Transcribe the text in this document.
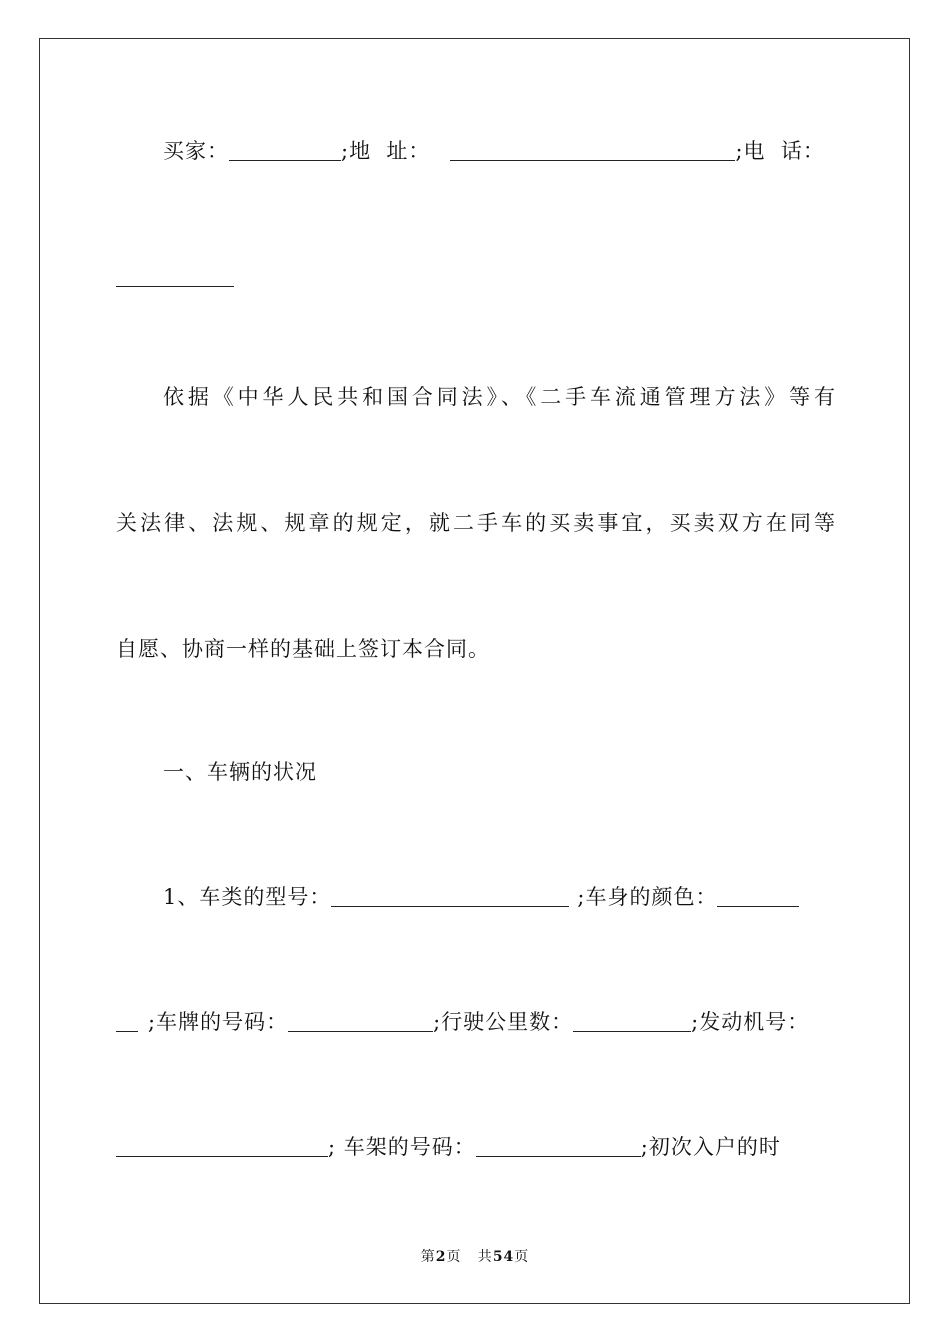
买家：	;地  址：	;电  话：
依据《中华人民共和国合同法》、《二手车流通管理方法》等有
关法律、法规、规章的规定，就二手车的买卖事宜，买卖双方在同等
自愿、协商一样的基础上签订本合同。
一、车辆的状况
1、车类的型号：	;车身的颜色：
;车牌的号码：	;行驶公里数：	;发动机号：
; 车架的号码：	;初次入户的时
第2页   共54页
